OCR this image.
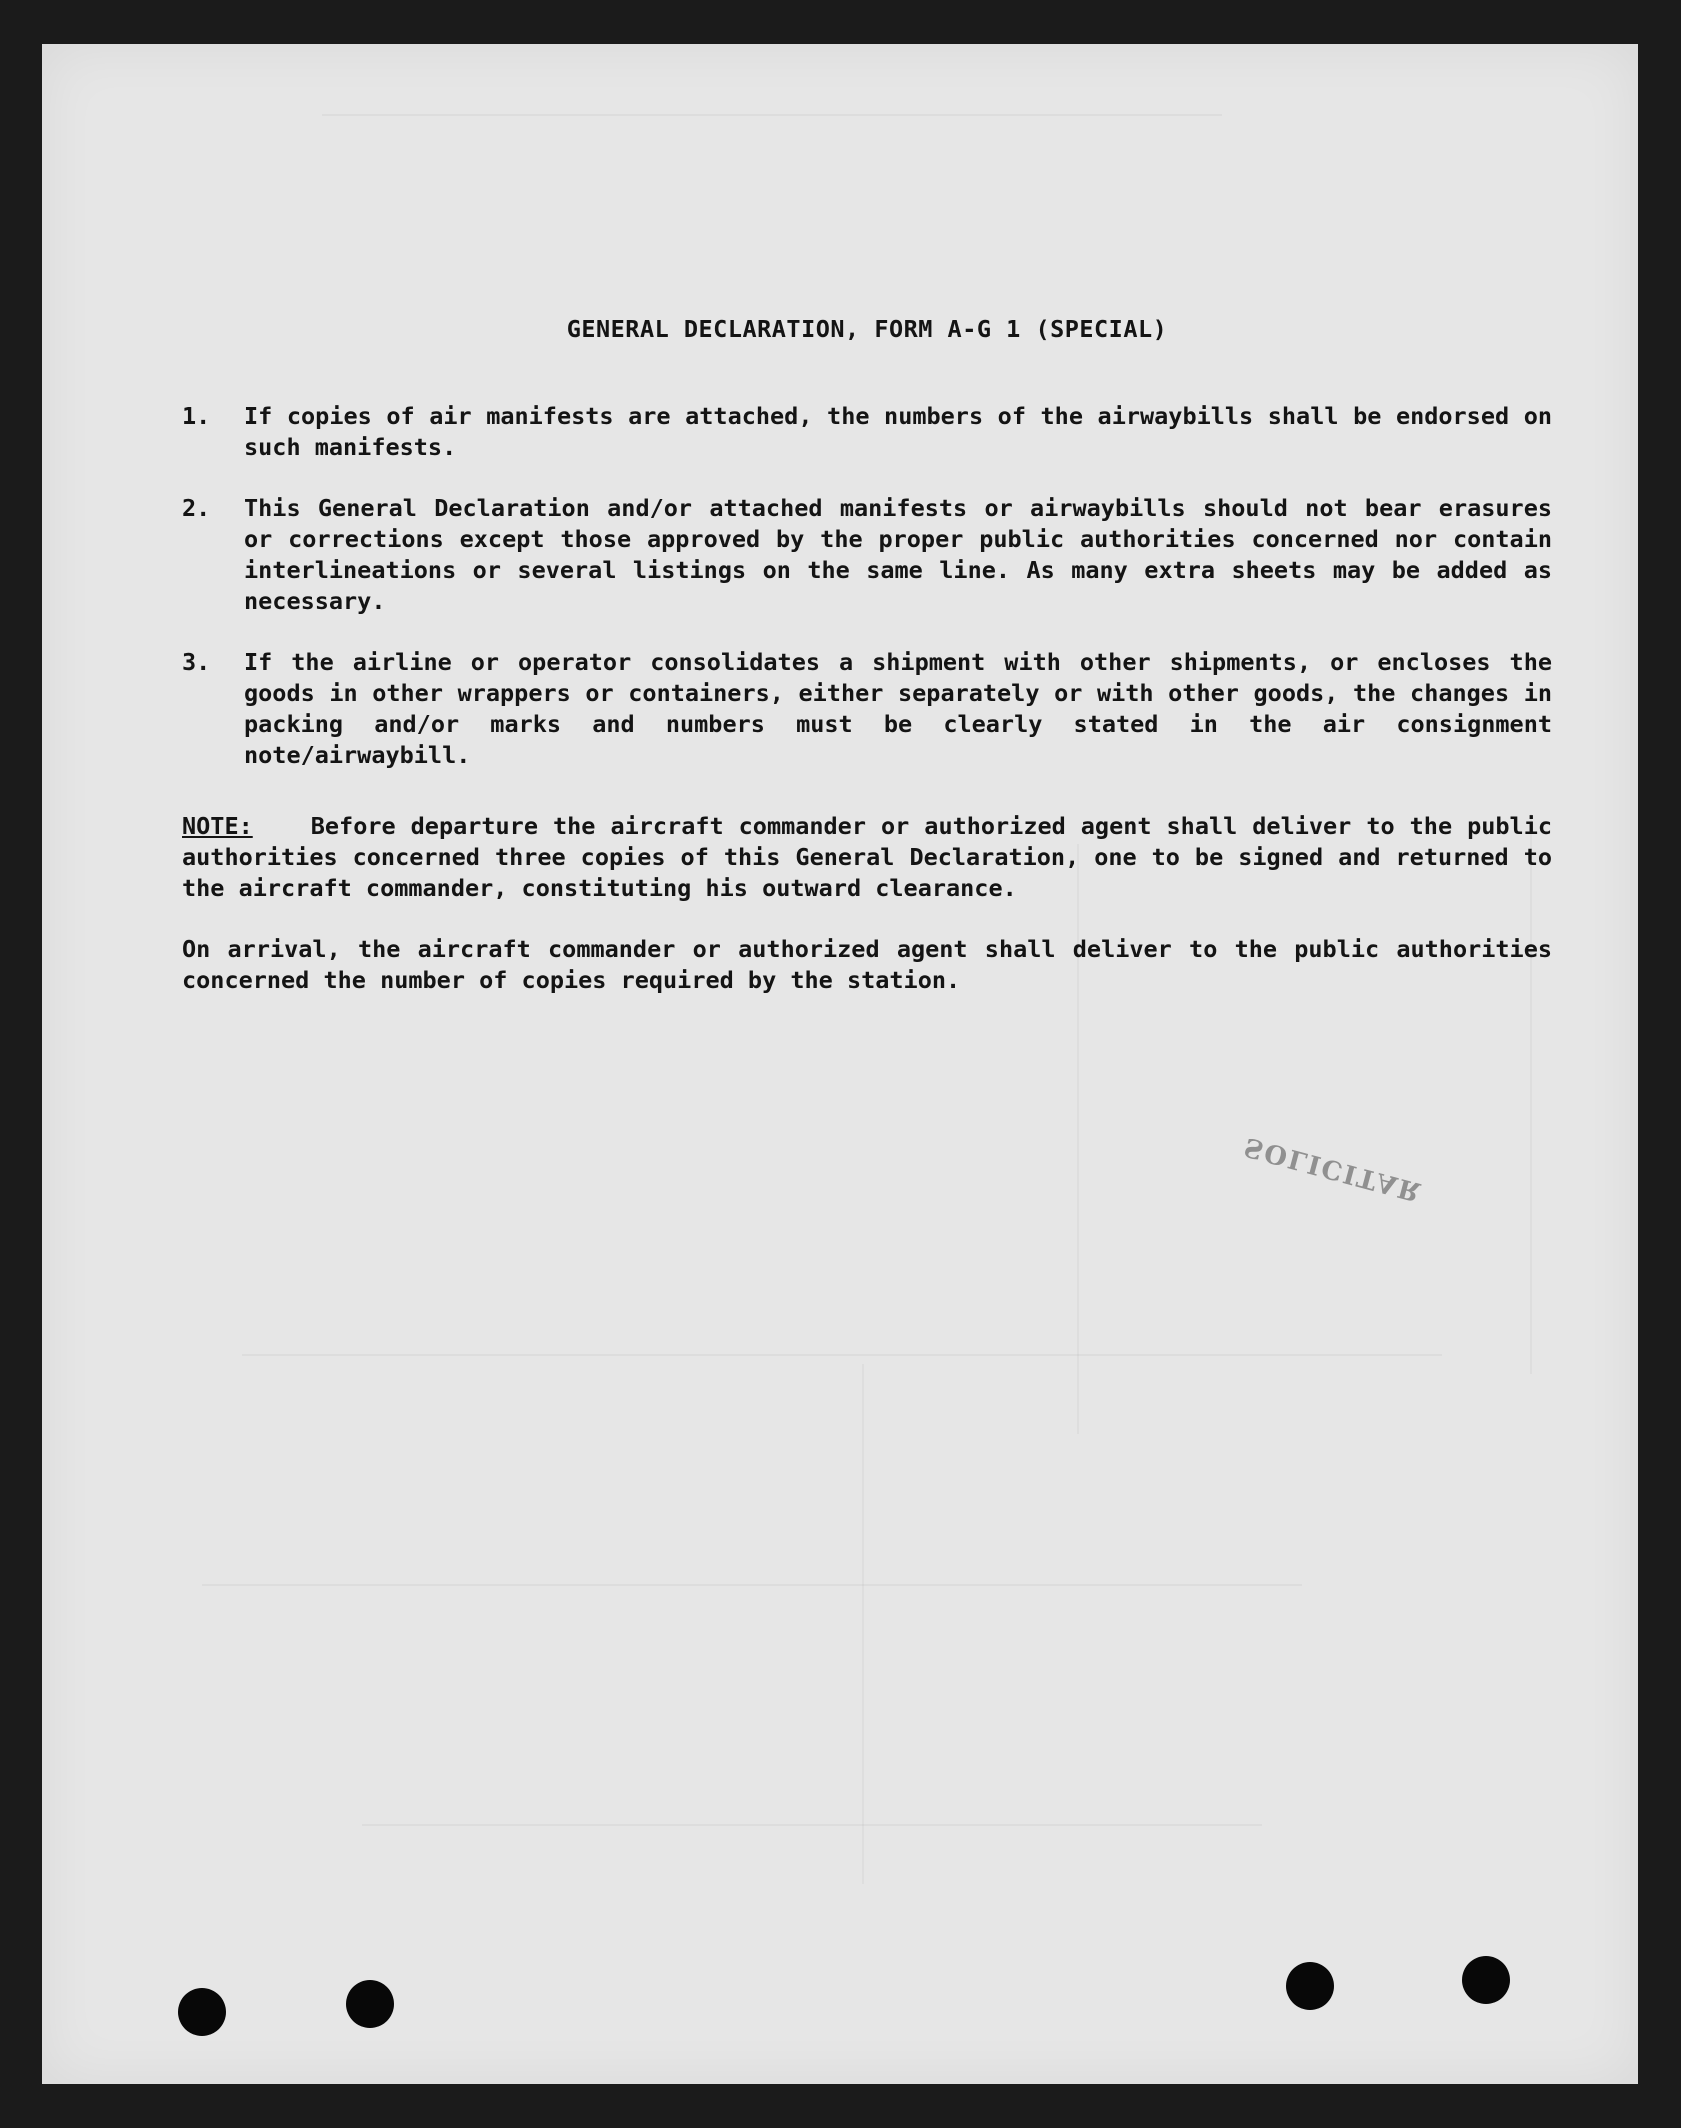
GENERAL DECLARATION, FORM A-G 1 (SPECIAL)
1.	If copies of air manifests are attached, the numbers of the airwaybills shall be endorsed on such manifests.
2.	This General Declaration and/or attached manifests or airwaybills should not bear erasures or corrections except those approved by the proper public authorities concerned nor contain interlineations or several listings on the same line. As many extra sheets may be added as necessary.
3.	If the airline or operator consolidates a shipment with other shipments, or encloses the goods in other wrappers or containers, either separately or with other goods, the changes in packing and/or marks and numbers must be clearly stated in the air consignment note/airwaybill.
NOTE: Before departure the aircraft commander or authorized agent shall deliver to the public authorities concerned three copies of this General Declaration, one to be signed and returned to the aircraft commander, constituting his outward clearance.
On arrival, the aircraft commander or authorized agent shall deliver to the public authorities concerned the number of copies required by the station.
SOLICITAR
